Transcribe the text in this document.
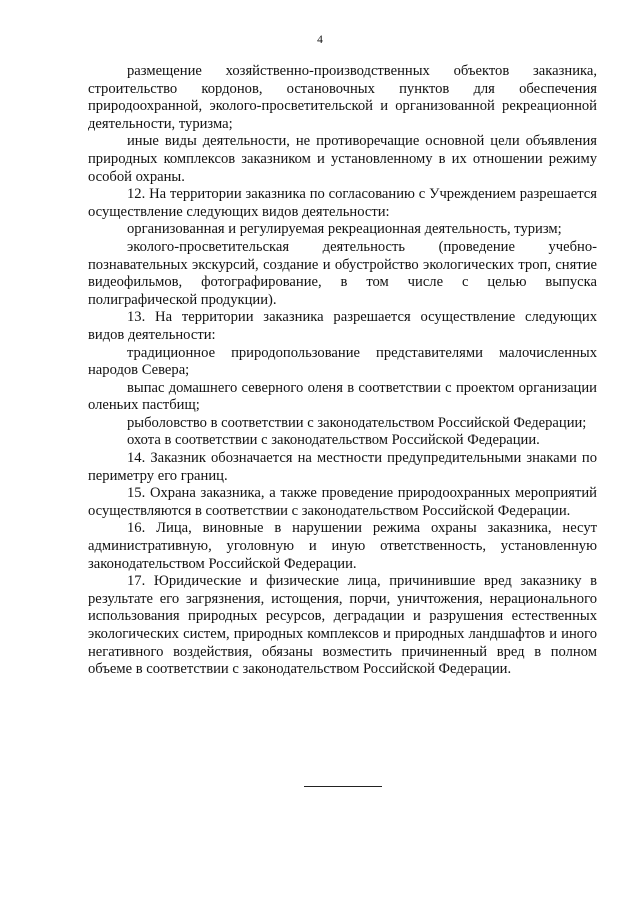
4

размещение хозяйственно-производственных объектов заказника, строительство кордонов, остановочных пунктов для обеспечения природоохранной, эколого-просветительской и организованной рекреационной деятельности, туризма;

иные виды деятельности, не противоречащие основной цели объявления природных комплексов заказником и установленному в их отношении режиму особой охраны.

12. На территории заказника по согласованию с Учреждением разрешается осуществление следующих видов деятельности:

организованная и регулируемая рекреационная деятельность, туризм;

эколого-просветительская деятельность (проведение учебно-познавательных экскурсий, создание и обустройство экологических троп, снятие видеофильмов, фотографирование, в том числе с целью выпуска полиграфической продукции).

13. На территории заказника разрешается осуществление следующих видов деятельности:

традиционное природопользование представителями малочисленных народов Севера;

выпас домашнего северного оленя в соответствии с проектом организации оленьих пастбищ;

рыболовство в соответствии с законодательством Российской Федерации;

охота в соответствии с законодательством Российской Федерации.

14. Заказник обозначается на местности предупредительными знаками по периметру его границ.

15. Охрана заказника, а также проведение природоохранных мероприятий осуществляются в соответствии с законодательством Российской Федерации.

16. Лица, виновные в нарушении режима охраны заказника, несут административную, уголовную и иную ответственность, установленную законодательством Российской Федерации.

17. Юридические и физические лица, причинившие вред заказнику в результате его загрязнения, истощения, порчи, уничтожения, нерационального использования природных ресурсов, деградации и разрушения естественных экологических систем, природных комплексов и природных ландшафтов и иного негативного воздействия, обязаны возместить причиненный вред в полном объеме в соответствии с законодательством Российской Федерации.
